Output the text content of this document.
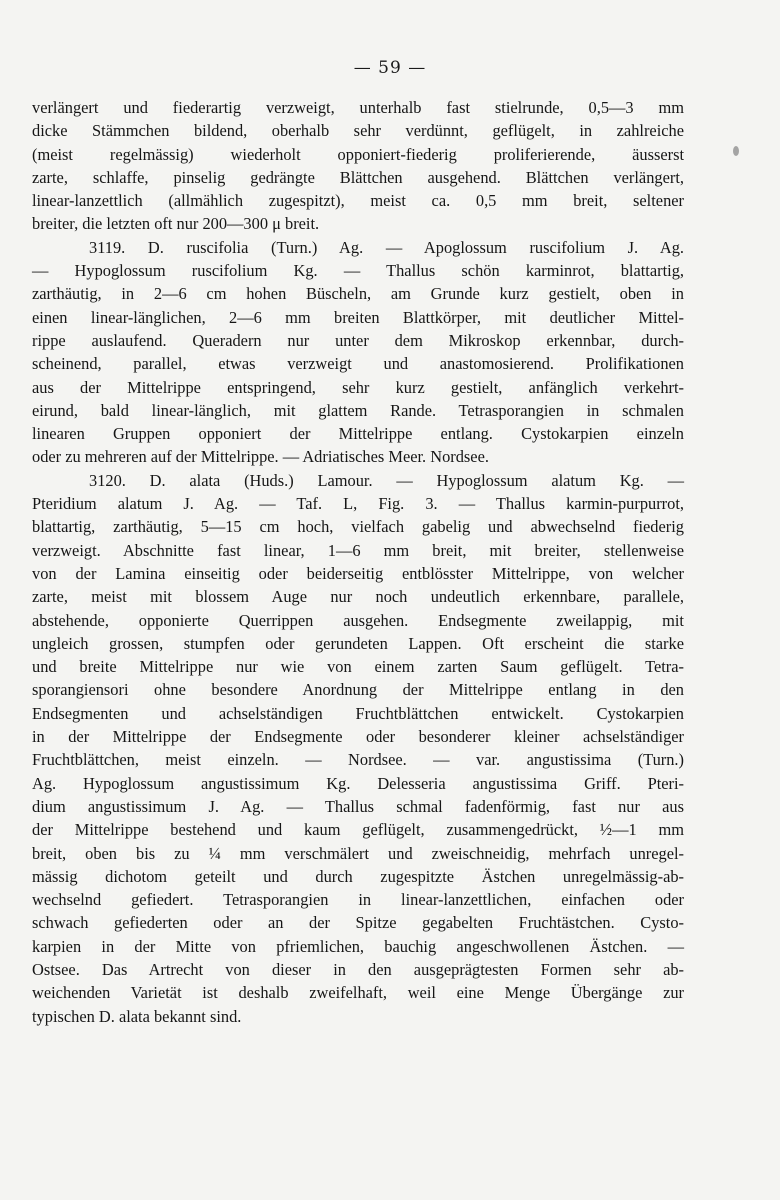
— 59 —
verlängert und fiederartig verzweigt, unterhalb fast stielrunde, 0,5—3 mm
dicke Stämmchen bildend, oberhalb sehr verdünnt, geflügelt, in zahlreiche
(meist regelmässig) wiederholt opponiert-fiederig proliferierende, äusserst
zarte, schlaffe, pinselig gedrängte Blättchen ausgehend. Blättchen verlängert,
linear-lanzettlich (allmählich zugespitzt), meist ca. 0,5 mm breit, seltener
breiter, die letzten oft nur 200—300 μ breit.
3119. D. ruscifolia (Turn.) Ag. — Apoglossum ruscifolium J. Ag.
— Hypoglossum ruscifolium Kg. — Thallus schön karminrot, blattartig,
zarthäutig, in 2—6 cm hohen Büscheln, am Grunde kurz gestielt, oben in
einen linear-länglichen, 2—6 mm breiten Blattkörper, mit deutlicher Mittel-
rippe auslaufend. Queradern nur unter dem Mikroskop erkennbar, durch-
scheinend, parallel, etwas verzweigt und anastomosierend. Prolifikationen
aus der Mittelrippe entspringend, sehr kurz gestielt, anfänglich verkehrt-
eirund, bald linear-länglich, mit glattem Rande. Tetrasporangien in schmalen
linearen Gruppen opponiert der Mittelrippe entlang. Cystokarpien einzeln
oder zu mehreren auf der Mittelrippe. — Adriatisches Meer. Nordsee.
3120. D. alata (Huds.) Lamour. — Hypoglossum alatum Kg. —
Pteridium alatum J. Ag. — Taf. L, Fig. 3. — Thallus karmin-purpurrot,
blattartig, zarthäutig, 5—15 cm hoch, vielfach gabelig und abwechselnd fiederig
verzweigt. Abschnitte fast linear, 1—6 mm breit, mit breiter, stellenweise
von der Lamina einseitig oder beiderseitig entblösster Mittelrippe, von welcher
zarte, meist mit blossem Auge nur noch undeutlich erkennbare, parallele,
abstehende, opponierte Querrippen ausgehen. Endsegmente zweilappig, mit
ungleich grossen, stumpfen oder gerundeten Lappen. Oft erscheint die starke
und breite Mittelrippe nur wie von einem zarten Saum geflügelt. Tetra-
sporangiensori ohne besondere Anordnung der Mittelrippe entlang in den
Endsegmenten und achselständigen Fruchtblättchen entwickelt. Cystokarpien
in der Mittelrippe der Endsegmente oder besonderer kleiner achselständiger
Fruchtblättchen, meist einzeln. — Nordsee. — var. angustissima (Turn.)
Ag. Hypoglossum angustissimum Kg. Delesseria angustissima Griff. Pteri-
dium angustissimum J. Ag. — Thallus schmal fadenförmig, fast nur aus
der Mittelrippe bestehend und kaum geflügelt, zusammengedrückt, ½—1 mm
breit, oben bis zu ¼ mm verschmälert und zweischneidig, mehrfach unregel-
mässig dichotom geteilt und durch zugespitzte Ästchen unregelmässig-ab-
wechselnd gefiedert. Tetrasporangien in linear-lanzettlichen, einfachen oder
schwach gefiederten oder an der Spitze gegabelten Fruchtästchen. Cysto-
karpien in der Mitte von pfriemlichen, bauchig angeschwollenen Ästchen. —
Ostsee. Das Artrecht von dieser in den ausgeprägtesten Formen sehr ab-
weichenden Varietät ist deshalb zweifelhaft, weil eine Menge Übergänge zur
typischen D. alata bekannt sind.
